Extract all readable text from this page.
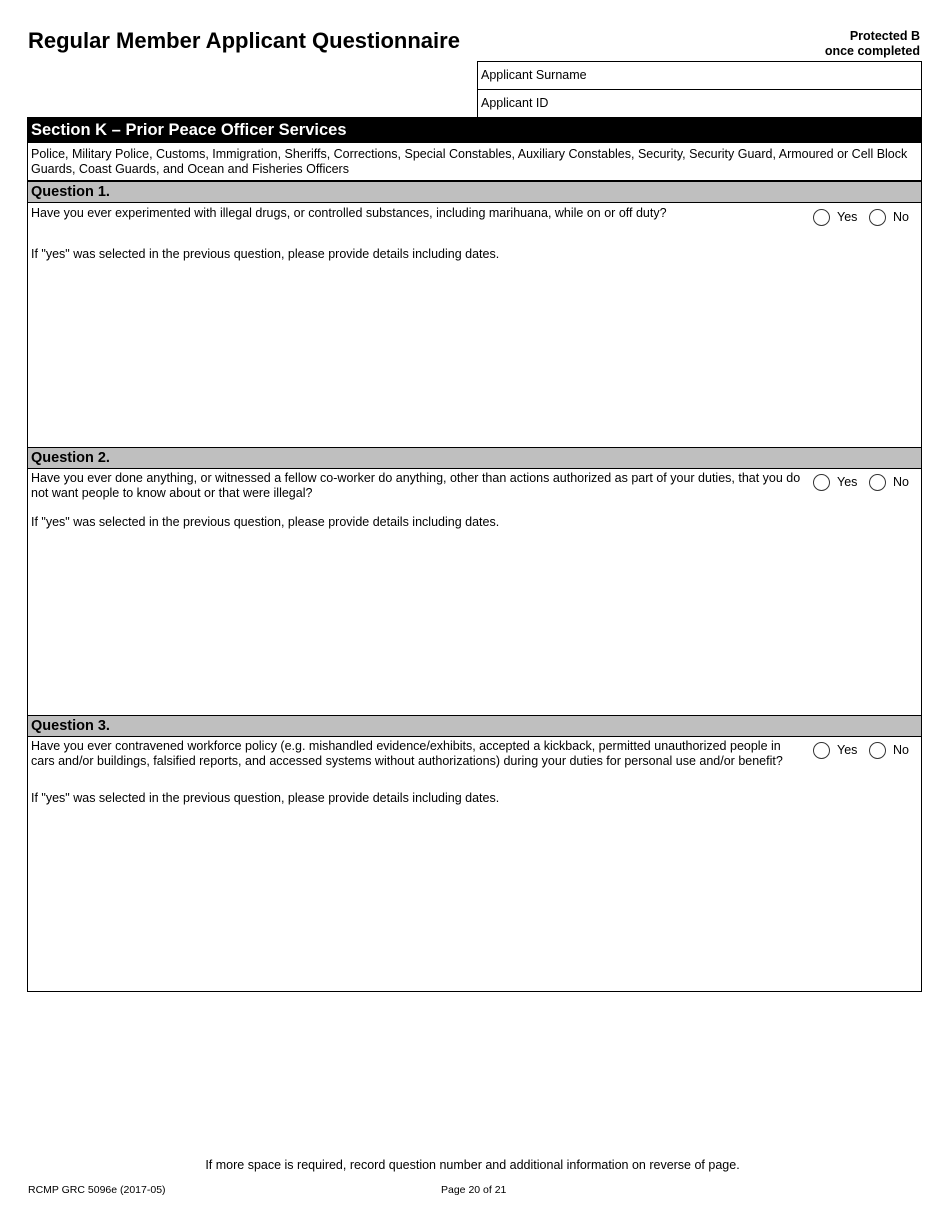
Regular Member Applicant Questionnaire	Protected B
once completed
Applicant Surname
Applicant ID
Section K – Prior Peace Officer Services
Police, Military Police, Customs, Immigration, Sheriffs, Corrections, Special Constables, Auxiliary Constables, Security, Security Guard, Armoured or Cell Block Guards, Coast Guards, and Ocean and Fisheries Officers
Question 1.
Have you ever experimented with illegal drugs, or controlled substances, including marihuana, while on or off duty?	Yes	No
If "yes" was selected in the previous question, please provide details including dates.
Question 2.
Have you ever done anything, or witnessed a fellow co-worker do anything, other than actions authorized as part of your duties, that you do not want people to know about or that were illegal?
Yes	No
If "yes" was selected in the previous question, please provide details including dates.
Question 3.
Have you ever contravened workforce policy (e.g. mishandled evidence/exhibits, accepted a kickback, permitted unauthorized people in cars and/or buildings, falsified reports, and accessed systems without authorizations) during your duties for personal use and/or benefit?
Yes	No
If "yes" was selected in the previous question, please provide details including dates.
If more space is required, record question number and additional information on reverse of page.
RCMP GRC 5096e (2017-05)	Page 20 of 21
